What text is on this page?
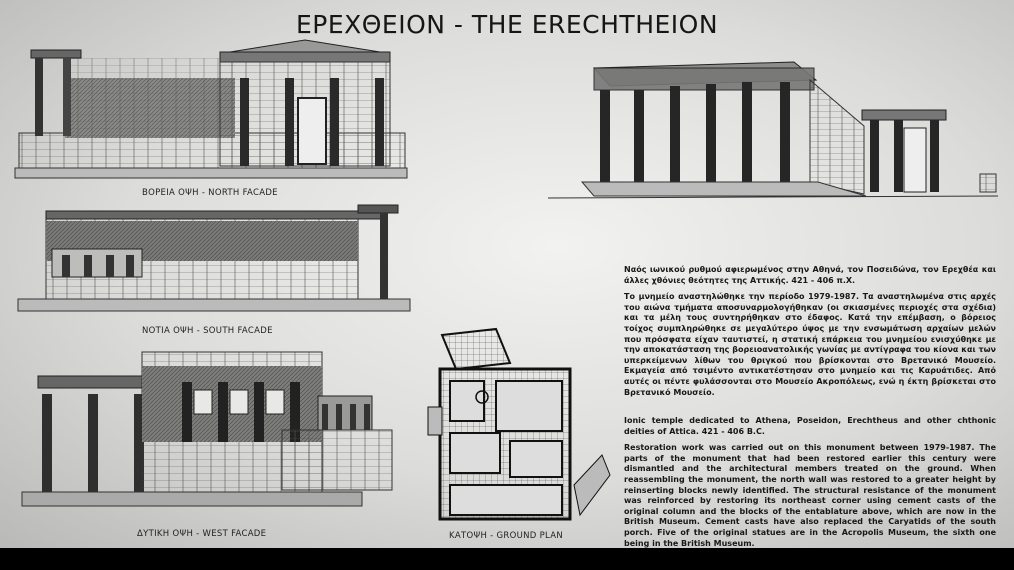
ΕΡΕΧΘΕΙΟΝ - THE ERECHTHEION
ΒΟΡΕΙΑ ΟΨΗ - NORTH FACADE
ΝΟΤΙΑ ΟΨΗ - SOUTH FACADE
ΔΥΤΙΚΗ ΟΨΗ - WEST FACADE	ΚΑΤΟΨΗ - GROUND PLAN

Ναός ιωνικού ρυθμού αφιερωμένος στην Αθηνά, τον Ποσειδώνα, τον Ερεχθέα και άλλες χθόνιες θεότητες της Αττικής. 421 - 406 π.Χ.

Το μνημείο αναστηλώθηκε την περίοδο 1979-1987. Τα αναστηλωμένα στις αρχές του αιώνα τμήματα αποσυναρμολογήθηκαν (οι σκιασμένες περιοχές στα σχέδια) και τα μέλη τους συντηρήθηκαν στο έδαφος. Κατά την επέμβαση, ο βόρειος τοίχος συμπληρώθηκε σε μεγαλύτερο ύψος με την ενσωμάτωση αρχαίων μελών που πρόσφατα είχαν ταυτιστεί, η στατική επάρκεια του μνημείου ενισχύθηκε με την αποκατάσταση της βορειοανατολικής γωνίας με αντίγραφα του κίονα και των υπερκείμενων λίθων του θριγκού που βρίσκονται στο Βρετανικό Μουσείο. Εκμαγεία από τσιμέντο αντικατέστησαν στο μνημείο και τις Καρυάτιδες. Από αυτές οι πέντε φυλάσσονται στο Μουσείο Ακροπόλεως, ενώ η έκτη βρίσκεται στο Βρετανικό Μουσείο.

Ionic temple dedicated to Athena, Poseidon, Erechtheus and other chthonic deities of Attica. 421 - 406 B.C.

Restoration work was carried out on this monument between 1979-1987. The parts of the monument that had been restored earlier this century were dismantled and the architectural members treated on the ground. When reassembling the monument, the north wall was restored to a greater height by reinserting blocks newly identified. The structural resistance of the monument was reinforced by restoring its northeast corner using cement casts of the original column and the blocks of the entablature above, which are now in the British Museum. Cement casts have also replaced the Caryatids of the south porch. Five of the original statues are in the Acropolis Museum, the sixth one being in the British Museum.
